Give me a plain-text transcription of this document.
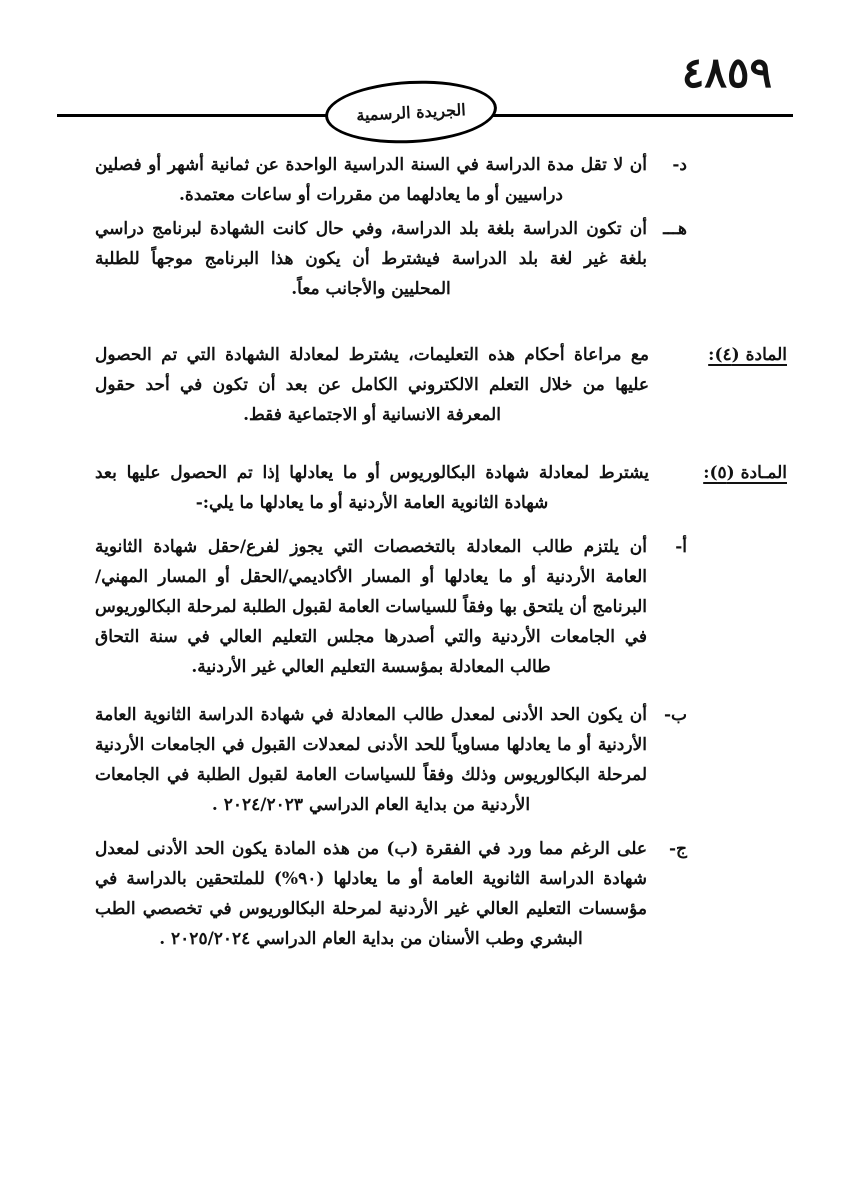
٤٨٥٩
الجريدة الرسمية
د-

أن لا تقل مدة الدراسة في السنة الدراسية الواحدة عن ثمانية أشهر أو فصلين دراسيين أو ما يعادلهما من مقررات أو ساعات معتمدة.

هـــ

أن تكون الدراسة بلغة بلد الدراسة، وفي حال كانت الشهادة لبرنامج دراسي بلغة غير لغة بلد الدراسة فيشترط أن يكون هذا البرنامج موجهاً للطلبة المحليين والأجانب معاً.

المادة (٤):

مع مراعاة أحكام هذه التعليمات، يشترط لمعادلة الشهادة التي تم الحصول عليها من خلال التعلم الالكتروني الكامل عن بعد أن تكون في أحد حقول المعرفة الانسانية أو الاجتماعية فقط.

المـادة (٥):

يشترط لمعادلة شهادة البكالوريوس أو ما يعادلها إذا تم الحصول عليها بعد شهادة الثانوية العامة الأردنية أو ما يعادلها ما يلي:-

أ-

أن يلتزم طالب المعادلة بالتخصصات التي يجوز لفرع/حقل شهادة الثانوية العامة الأردنية أو ما يعادلها أو المسار الأكاديمي/الحقل أو المسار المهني/البرنامج أن يلتحق بها وفقاً للسياسات العامة لقبول الطلبة لمرحلة البكالوريوس في الجامعات الأردنية والتي أصدرها مجلس التعليم العالي في سنة التحاق طالب المعادلة بمؤسسة التعليم العالي غير الأردنية.

ب-

أن يكون الحد الأدنى لمعدل طالب المعادلة في شهادة الدراسة الثانوية العامة الأردنية أو ما يعادلها مساوياً للحد الأدنى لمعدلات القبول في الجامعات الأردنية لمرحلة البكالوريوس وذلك وفقاً للسياسات العامة لقبول الطلبة في الجامعات الأردنية من بداية العام الدراسي ٢٠٢٤/٢٠٢٣ .

ج-

على الرغم مما ورد في الفقرة (ب) من هذه المادة يكون الحد الأدنى لمعدل شهادة الدراسة الثانوية العامة أو ما يعادلها (٩٠%) للملتحقين بالدراسة في مؤسسات التعليم العالي غير الأردنية لمرحلة البكالوريوس في تخصصي الطب البشري وطب الأسنان من بداية العام الدراسي ٢٠٢٥/٢٠٢٤ .
